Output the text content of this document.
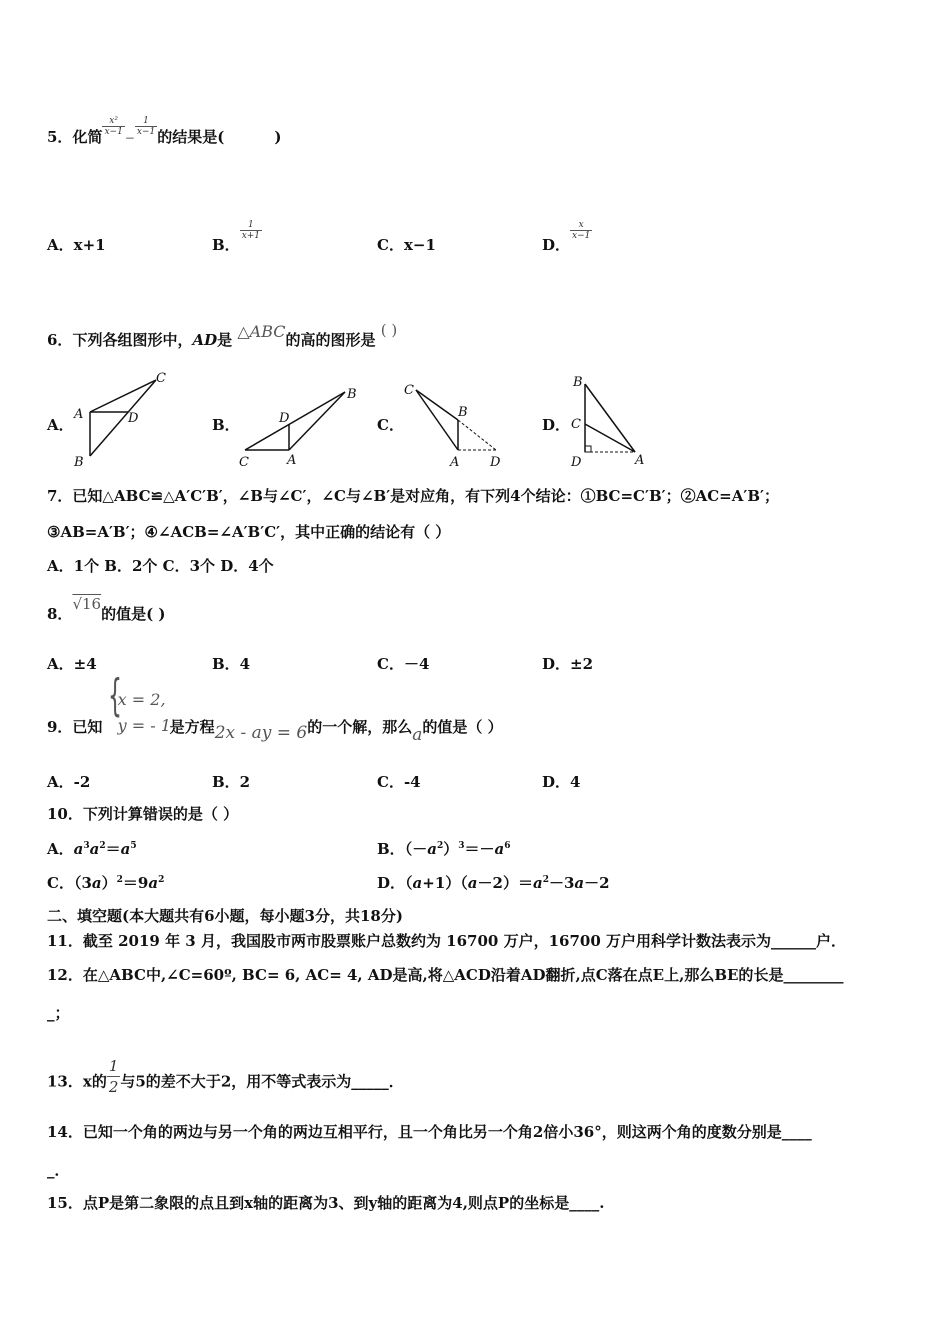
5．化简
$\frac{\text{x²}}{x-1}$
−
$\frac{1}{x-1}$
的结果是(	)
A．x+1	B．
$\frac{1}{x+1}$
C．x−1	D．
$\frac{x}{x-1}$
6．下列各组图形中，AD是 △ABC的高的图形是 ( )
A．	B．	C．	D．
C
A	D
B
B
D
C	A
C
B
A D
B
C
D	A
7．已知△ABC≌△A′C′B′，∠B与∠C′，∠C与∠B′是对应角，有下列4个结论：①BC=C′B′；②AC=A′B′；
③AB=A′B′；④∠ACB=∠A′B′C′，其中正确的结论有（ ）
A．1个 B．2个 C．3个 D．4个
8．√16的值是( )
A．±4	B．4	C．－4	D．±2
9．已知
{
x = 2,
y = - 1
是方程2x - ay = 6的一个解，那么a的值是（ ）
A．-2	B．2	C．-4	D．4
10．下列计算错误的是（ ）
A．$a^3a^2=a^5$	B．$(-a^2)^3=-a^6$
C．$(3a)^2=9a^2$	D．$(a+1)(a-2)=a^2-3a-2$
二、填空题(本大题共有6小题，每小题3分，共18分)
11．截至 2019 年 3 月，我国股市两市股票账户总数约为 16700 万户，16700 万户用科学计数法表示为______户．
12．在△ABC中,∠C=60º, BC= 6, AC= 4, AD是高,将△ACD沿着AD翻折,点C落在点E上,那么BE的长是________
_；
13．x的 $\frac{1}{2}$ 与5的差不大于2，用不等式表示为_____．
14．已知一个角的两边与另一个角的两边互相平行，且一个角比另一个角2倍小36°，则这两个角的度数分别是____
_．
15．点P是第二象限的点且到x轴的距离为3、到y轴的距离为4,则点P的坐标是____.
